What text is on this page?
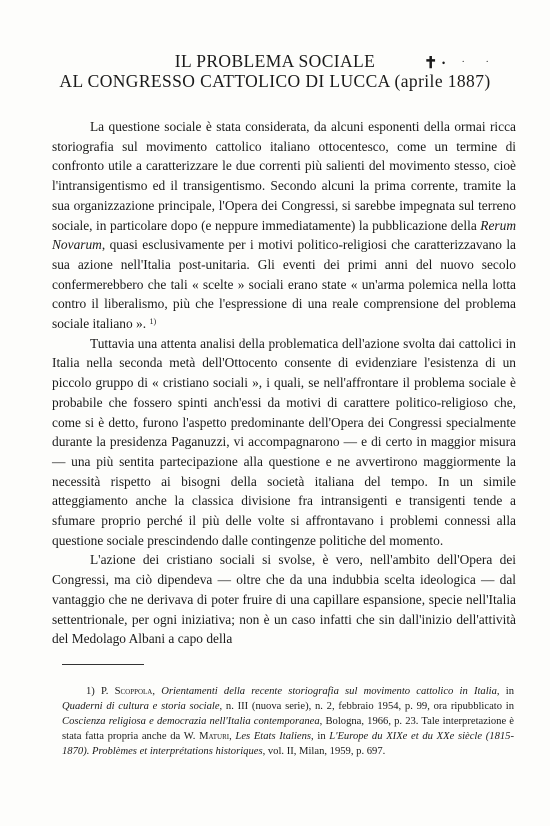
IL PROBLEMA SOCIALE	✝ • ·	·
AL CONGRESSO CATTOLICO DI LUCCA (aprile 1887)

La questione sociale è stata considerata, da alcuni esponenti della ormai ricca storiografia sul movimento cattolico italiano ottocentesco, come un termine di confronto utile a caratterizzare le due correnti più salienti del movimento stesso, cioè l'intransigentismo ed il transigentismo. Secondo alcuni la prima corrente, tramite la sua organizzazione principale, l'Opera dei Congressi, si sarebbe impegnata sul terreno sociale, in particolare dopo (e neppure immediatamente) la pubblicazione della Rerum Novarum, quasi esclusivamente per i motivi politico-religiosi che caratterizzavano la sua azione nell'Italia post-unitaria. Gli eventi dei primi anni del nuovo secolo confermerebbero che tali « scelte » sociali erano state « un'arma polemica nella lotta contro il liberalismo, più che l'espressione di una reale comprensione del problema sociale italiano ». $^{1)}$

Tuttavia una attenta analisi della problematica dell'azione svolta dai cattolici in Italia nella seconda metà dell'Ottocento consente di evidenziare l'esistenza di un piccolo gruppo di « cristiano sociali », i quali, se nell'affrontare il problema sociale è probabile che fossero spinti anch'essi da motivi di carattere politico-religioso che, come si è detto, furono l'aspetto predominante dell'Opera dei Congressi specialmente durante la presidenza Paganuzzi, vi accompagnarono — e di certo in maggior misura — una più sentita partecipazione alla questione e ne avvertirono maggiormente la necessità rispetto ai bisogni della società italiana del tempo. In un simile atteggiamento anche la classica divisione fra intransigenti e transigenti tende a sfumare proprio perché il più delle volte si affrontavano i problemi connessi alla questione sociale prescindendo dalle contingenze politiche del momento.

L'azione dei cristiano sociali si svolse, è vero, nell'ambito dell'Opera dei Congressi, ma ciò dipendeva — oltre che da una indubbia scelta ideologica — dal vantaggio che ne derivava di poter fruire di una capillare espansione, specie nell'Italia settentrionale, per ogni iniziativa; non è un caso infatti che sin dall'inizio dell'attività del Medolago Albani a capo della

1) P. Scoppola, Orientamenti della recente storiografia sul movimento cattolico in Italia, in Quaderni di cultura e storia sociale, n. III (nuova serie), n. 2, febbraio 1954, p. 99, ora ripubblicato in Coscienza religiosa e democrazia nell'Italia contemporanea, Bologna, 1966, p. 23. Tale interpretazione è stata fatta propria anche da W. Maturi, Les Etats Italiens, in L'Europe du XIXe et du XXe siècle (1815-1870). Problèmes et interprétations historiques, vol. II, Milan, 1959, p. 697.
